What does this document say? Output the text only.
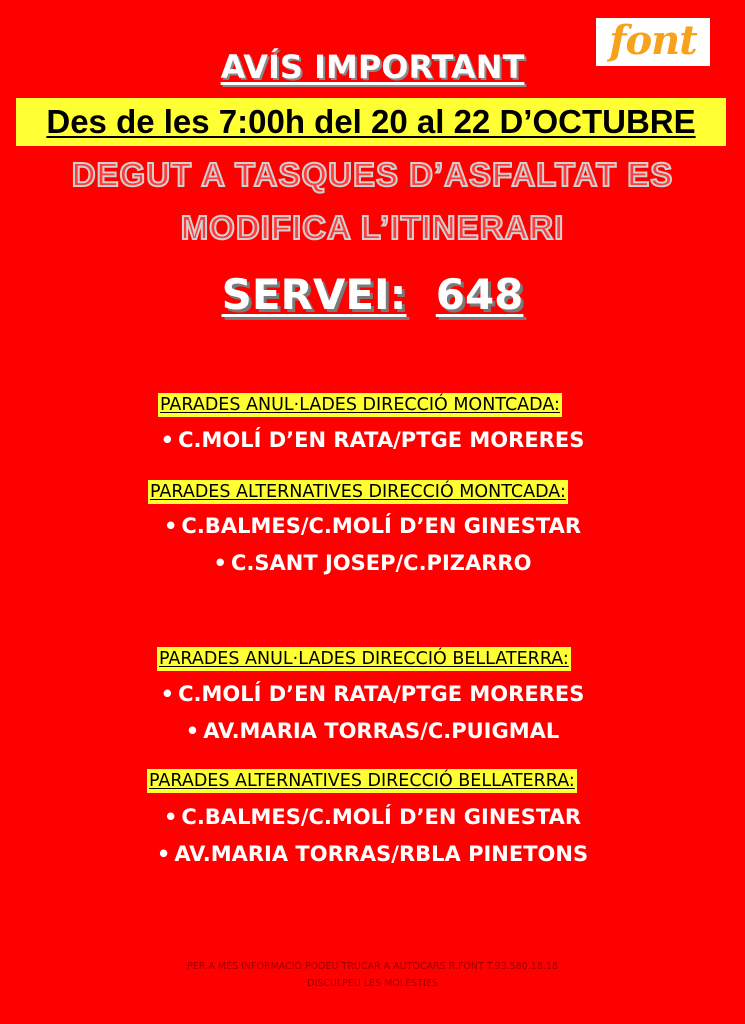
font
AVÍS IMPORTANT
Des de les 7:00h del 20 al 22 D’OCTUBRE
DEGUT A TASQUES D’ASFALTAT ES
MODIFICA L’ITINERARI
SERVEI: 648
PARADES ANUL·LADES DIRECCIÓ MONTCADA:
• C.MOLÍ D’EN RATA/PTGE MORERES
PARADES ALTERNATIVES DIRECCIÓ MONTCADA:
• C.BALMES/C.MOLÍ D’EN GINESTAR
• C.SANT JOSEP/C.PIZARRO
PARADES ANUL·LADES DIRECCIÓ BELLATERRA:
• C.MOLÍ D’EN RATA/PTGE MORERES
• AV.MARIA TORRAS/C.PUIGMAL
PARADES ALTERNATIVES DIRECCIÓ BELLATERRA:
• C.BALMES/C.MOLÍ D’EN GINESTAR
• AV.MARIA TORRAS/RBLA PINETONS
PER A MÉS INFORMACIÓ PODEU TRUCAR A AUTOCARS R.FONT T.93.580.18.18
DISCULPEU LES MOLÈSTIES
